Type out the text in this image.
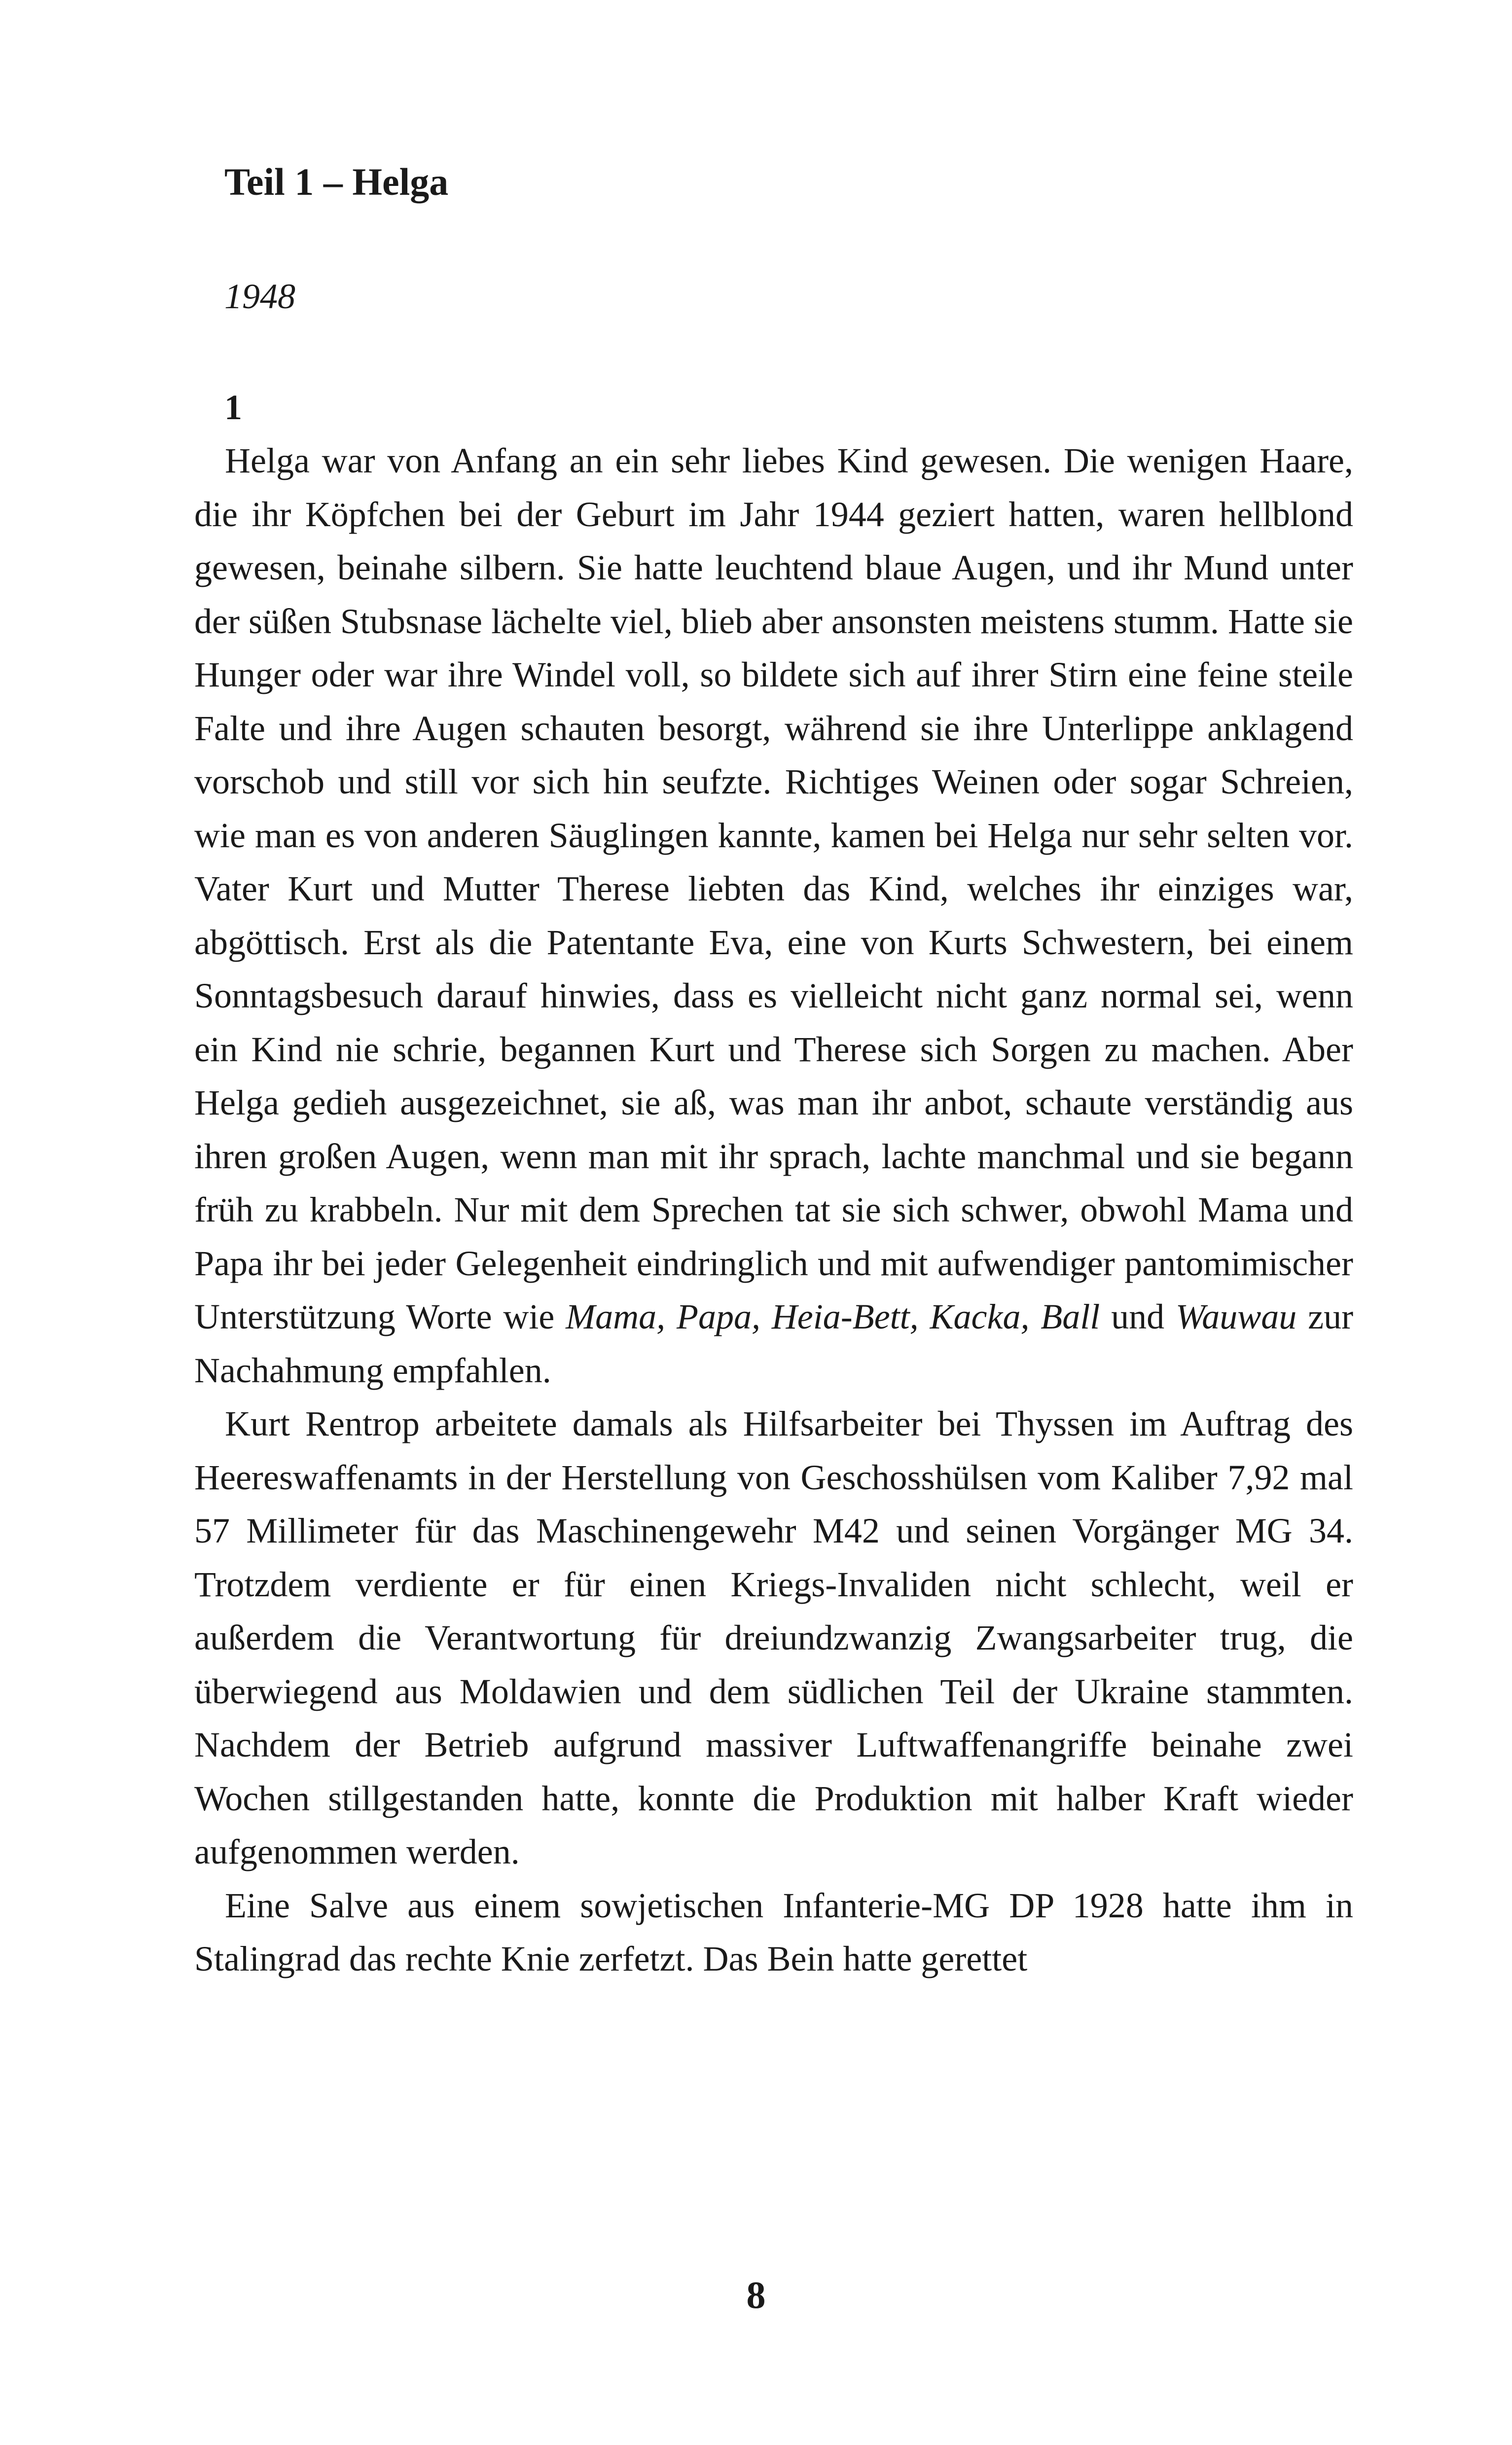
Teil 1 – Helga
1948
1

Helga war von Anfang an ein sehr liebes Kind gewesen. Die wenigen Haare, die ihr Köpfchen bei der Geburt im Jahr 1944 geziert hatten, waren hellblond gewesen, beinahe silbern. Sie hatte leuchtend blaue Augen, und ihr Mund unter der süßen Stubsnase lächelte viel, blieb aber ansonsten meistens stumm. Hatte sie Hunger oder war ihre Windel voll, so bildete sich auf ihrer Stirn eine feine steile Falte und ihre Augen schauten besorgt, während sie ihre Unterlippe anklagend vorschob und still vor sich hin seufzte. Richtiges Weinen oder sogar Schreien, wie man es von anderen Säuglingen kannte, kamen bei Helga nur sehr selten vor. Vater Kurt und Mutter Therese liebten das Kind, welches ihr einziges war, abgöttisch. Erst als die Patentante Eva, eine von Kurts Schwestern, bei einem Sonntagsbesuch darauf hinwies, dass es vielleicht nicht ganz normal sei, wenn ein Kind nie schrie, begannen Kurt und Therese sich Sorgen zu machen. Aber Helga gedieh ausgezeichnet, sie aß, was man ihr anbot, schaute verständig aus ihren großen Augen, wenn man mit ihr sprach, lachte manchmal und sie begann früh zu krabbeln. Nur mit dem Sprechen tat sie sich schwer, obwohl Mama und Papa ihr bei jeder Gelegenheit eindringlich und mit aufwendiger pantomimischer Unterstützung Worte wie Mama, Papa, Heia-Bett, Kacka, Ball und Wauwau zur Nachahmung empfahlen.

Kurt Rentrop arbeitete damals als Hilfsarbeiter bei Thyssen im Auftrag des Heereswaffenamts in der Herstellung von Geschosshülsen vom Kaliber 7,92 mal 57 Millimeter für das Maschinengewehr M42 und seinen Vorgänger MG 34. Trotzdem verdiente er für einen Kriegs-Invaliden nicht schlecht, weil er außerdem die Verantwortung für dreiundzwanzig Zwangsarbeiter trug, die überwiegend aus Moldawien und dem südlichen Teil der Ukraine stammten. Nachdem der Betrieb aufgrund massiver Luftwaffenangriffe beinahe zwei Wochen stillgestanden hatte, konnte die Produktion mit halber Kraft wieder aufgenommen werden.

Eine Salve aus einem sowjetischen Infanterie-MG DP 1928 hatte ihm in Stalingrad das rechte Knie zerfetzt. Das Bein hatte gerettet

8
